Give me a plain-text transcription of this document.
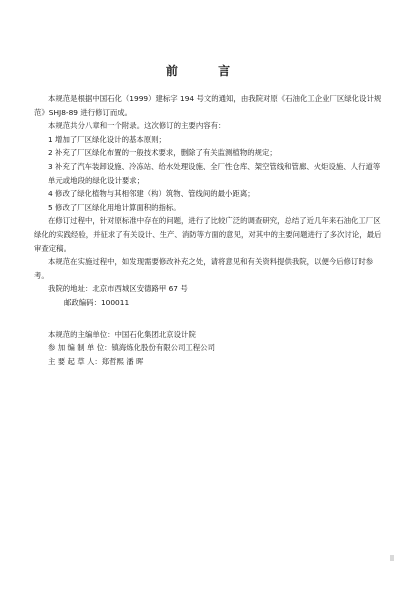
前 言

本规范是根据中国石化（1999）建标字 194 号文的通知，由我院对原《石油化工企业厂区绿化设计规范》SHJ8-89 进行修订而成。

本规范共分八章和一个附录。这次修订的主要内容有：

1 增加了厂区绿化设计的基本原则；

2 补充了厂区绿化布置的一般技术要求，删除了有关监测植物的规定；

3 补充了汽车装卸设施、冷冻站、给水处理设施、全厂性仓库、架空管线和管廊、火炬设施、人行道等单元或地段的绿化设计要求；

4 修改了绿化植物与其相邻建（构）筑物、管线间的最小距离；

5 修改了厂区绿化用地计算面积的指标。

在修订过程中，针对原标准中存在的问题，进行了比较广泛的调查研究，总结了近几年来石油化工厂区绿化的实践经验，并征求了有关设计、生产、消防等方面的意见，对其中的主要问题进行了多次讨论，最后审查定稿。

本规范在实施过程中，如发现需要修改补充之处，请将意见和有关资料提供我院，以便今后修订时参考。

我院的地址：北京市西城区安德路甲 67 号

邮政编码：100011

本规范的主编单位：中国石化集团北京设计院

参 加 编 制 单 位：镇海炼化股份有限公司工程公司

主 要 起 草 人：郑哲熙 潘 晖
